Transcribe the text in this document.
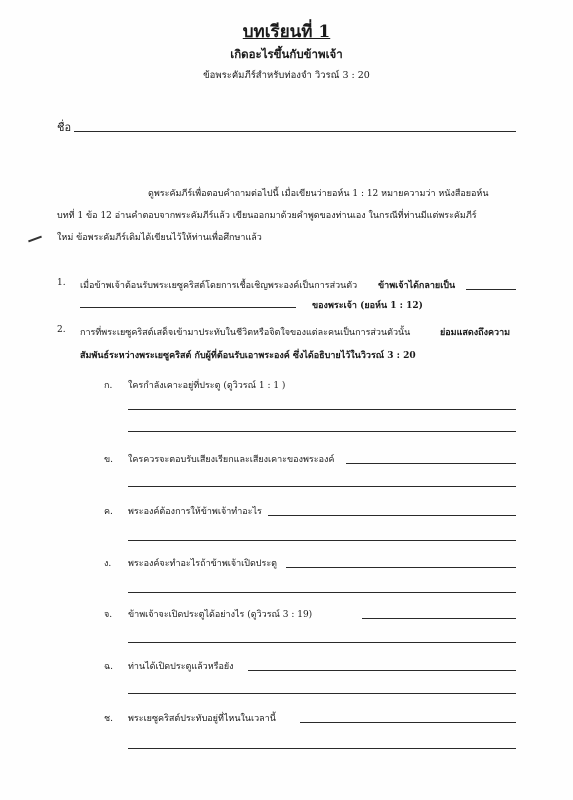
บทเรียนที่ 1
เกิดอะไรขึ้นกับข้าพเจ้า
ข้อพระคัมภีร์สำหรับท่องจำ วิวรณ์ 3 : 20
ชื่อ
ดูพระคัมภีร์เพื่อตอบคำถามต่อไปนี้ เมื่อเขียนว่ายอห์น 1 : 12 หมายความว่า หนังสือยอห์น
บทที่ 1 ข้อ 12 อ่านคำตอบจากพระคัมภีร์แล้ว เขียนออกมาด้วยคำพูดของท่านเอง ในกรณีที่ท่านมีแต่พระคัมภีร์
ใหม่ ข้อพระคัมภีร์เดิมได้เขียนไว้ให้ท่านเพื่อศึกษาแล้ว
1. เมื่อข้าพเจ้าต้อนรับพระเยซูคริสต์โดยการเชื้อเชิญพระองค์เป็นการส่วนตัว ข้าพเจ้าได้กลายเป็น
ของพระเจ้า (ยอห์น 1 : 12)
2. การที่พระเยซูคริสต์เสด็จเข้ามาประทับในชีวิตหรือจิตใจของแต่ละคนเป็นการส่วนตัวนั้น	ย่อมแสดงถึงความ
สัมพันธ์ระหว่างพระเยซูคริสต์ กับผู้ที่ต้อนรับเอาพระองค์ ซึ่งได้อธิบายไว้ในวิวรณ์ 3 : 20
ก. ใครกำลังเคาะอยู่ที่ประตู (ดูวิวรณ์ 1 : 1 )
ข. ใครควรจะตอบรับเสียงเรียกและเสียงเคาะของพระองค์
ค. พระองค์ต้องการให้ข้าพเจ้าทำอะไร
ง. พระองค์จะทำอะไรถ้าข้าพเจ้าเปิดประตู
จ. ข้าพเจ้าจะเปิดประตูได้อย่างไร (ดูวิวรณ์ 3 : 19)
ฉ. ท่านได้เปิดประตูแล้วหรือยัง
ช. พระเยซูคริสต์ประทับอยู่ที่ไหนในเวลานี้
